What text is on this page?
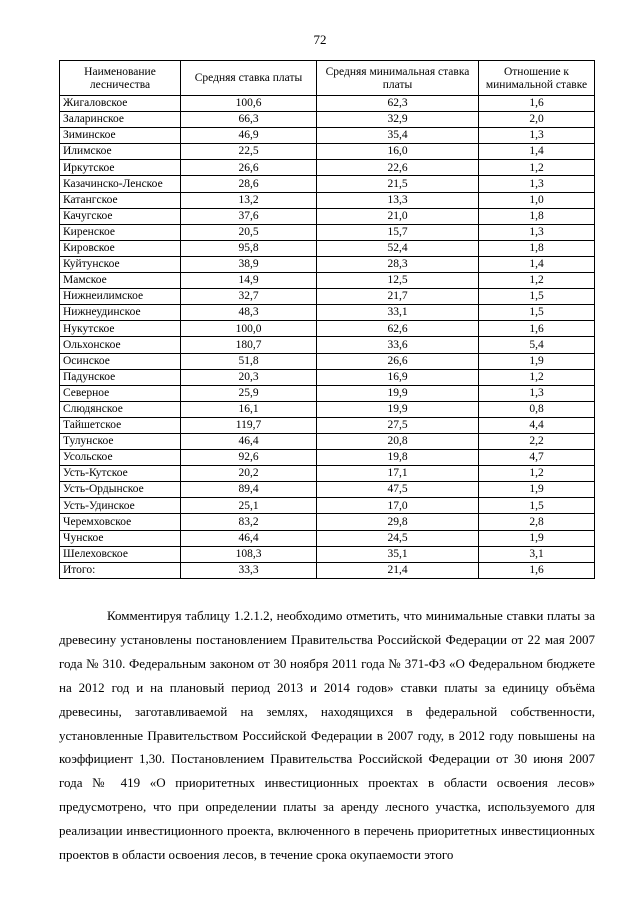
72
Наименование лесничества	Средняя ставка платы	Средняя минимальная ставка платы	Отношение к минимальной ставке
Жигаловское	100,6	62,3	1,6
Заларинское	66,3	32,9	2,0
Зиминское	46,9	35,4	1,3
Илимское	22,5	16,0	1,4
Иркутское	26,6	22,6	1,2
Казачинско-Ленское	28,6	21,5	1,3
Катангское	13,2	13,3	1,0
Качугское	37,6	21,0	1,8
Киренское	20,5	15,7	1,3
Кировское	95,8	52,4	1,8
Куйтунское	38,9	28,3	1,4
Мамское	14,9	12,5	1,2
Нижнеилимское	32,7	21,7	1,5
Нижнеудинское	48,3	33,1	1,5
Нукутское	100,0	62,6	1,6
Ольхонское	180,7	33,6	5,4
Осинское	51,8	26,6	1,9
Падунское	20,3	16,9	1,2
Северное	25,9	19,9	1,3
Слюдянское	16,1	19,9	0,8
Тайшетское	119,7	27,5	4,4
Тулунское	46,4	20,8	2,2
Усольское	92,6	19,8	4,7
Усть-Кутское	20,2	17,1	1,2
Усть-Ордынское	89,4	47,5	1,9
Усть-Удинское	25,1	17,0	1,5
Черемховское	83,2	29,8	2,8
Чунское	46,4	24,5	1,9
Шелеховское	108,3	35,1	3,1
Итого:	33,3	21,4	1,6

Комментируя таблицу 1.2.1.2, необходимо отметить, что минимальные ставки платы за древесину установлены постановлением Правительства Российской Федерации от 22 мая 2007 года № 310. Федеральным законом от 30 ноября 2011 года № 371-ФЗ «О Федеральном бюджете на 2012 год и на плановый период 2013 и 2014 годов» ставки платы за единицу объёма древесины, заготавливаемой на землях, находящихся в федеральной собственности, установленные Правительством Российской Федерации в 2007 году, в 2012 году повышены на коэффициент 1,30. Постановлением Правительства Российской Федерации от 30 июня 2007 года № 419 «О приоритетных инвестиционных проектах в области освоения лесов» предусмотрено, что при определении платы за аренду лесного участка, используемого для реализации инвестиционного проекта, включенного в перечень приоритетных инвестиционных проектов в области освоения лесов, в течение срока окупаемости этого
